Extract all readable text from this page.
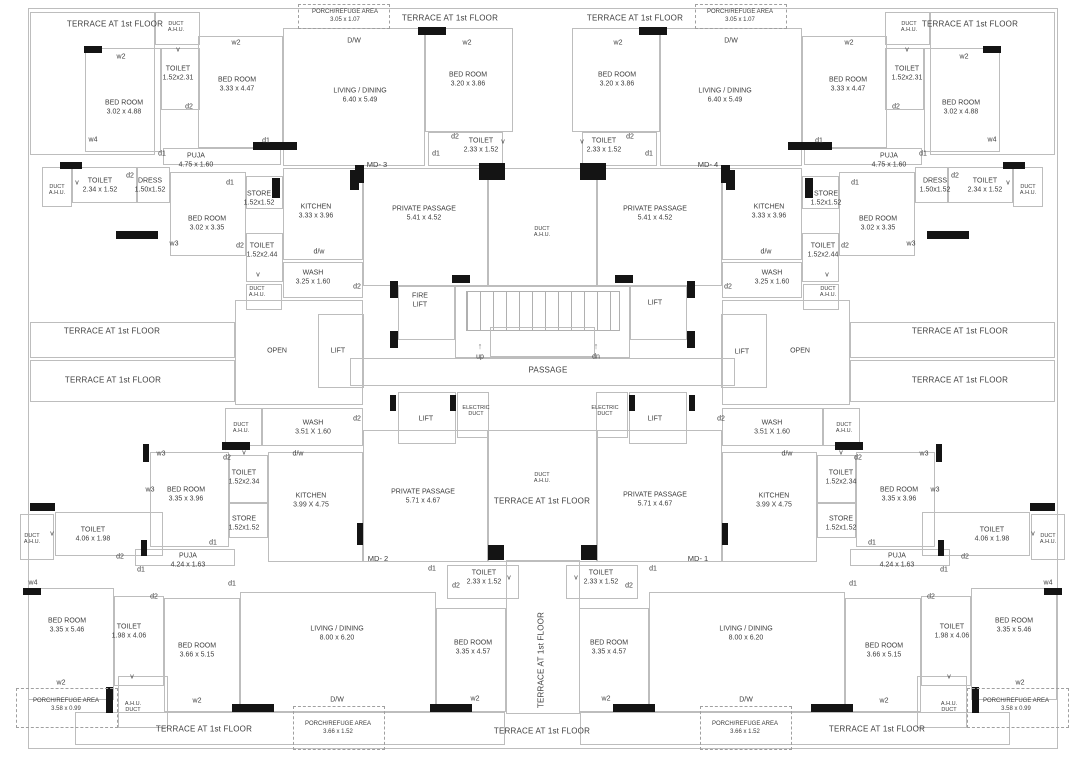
↑	↑
TERRACE AT 1st FLOOR	TERRACE AT 1st FLOOR
PORCH/REFUGE AREA
3.05 x 1.07
PORCH/REFUGE AREA
3.05 x 1.07
TERRACE AT 1st FLOOR	TERRACE AT 1st FLOOR
DUCT
A.H.U.
DUCT
A.H.U.
D/W	D/W
w2	w2
w2	w2
w2	w2
v	v
TOILET
1.52x2.31
TOILET
1.52x2.31
BED ROOM
3.33 x 4.47
BED ROOM
3.33 x 4.47
BED ROOM
3.02 x 4.88
BED ROOM
3.02 x 4.88
LIVING / DINING
6.40 x 5.49
LIVING / DINING
6.40 x 5.49
BED ROOM
3.20 x 3.86
BED ROOM
3.20 x 3.86
d2	d2
d2	d2
TOILET
2.33 x 1.52
TOILET
2.33 x 1.52
v	v
d1	d1
d1	d1
w4	w4
d1	d1
PUJA
4.75 x 1.60
PUJA
4.75 x 1.60
MD- 3	MD- 4
DUCT
A.H.U.
DUCT
A.H.U.
v	v
TOILET
2.34 x 1.52
TOILET
2.34 x 1.52
d2	d2
DRESS
1.50x1.52
DRESS
1.50x1.52
d1	d1
STORE
1.52x1.52
STORE
1.52x1.52
KITCHEN
3.33 x 3.96
KITCHEN
3.33 x 3.96
BED ROOM
3.02 x 3.35
BED ROOM
3.02 x 3.35
w3	w3
d2	d2
TOILET
1.52x2.44
TOILET
1.52x2.44
d/w	d/w
WASH
3.25 x 1.60
WASH
3.25 x 1.60
v	v
DUCT
A.H.U.
DUCT
A.H.U.
d2	d2
PRIVATE PASSAGE
5.41 x 4.52
PRIVATE PASSAGE
5.41 x 4.52
DUCT
A.H.U.
FIRE
LIFT	LIFT
TERRACE AT 1st FLOOR	TERRACE AT 1st FLOOR
TERRACE AT 1st FLOOR	TERRACE AT 1st FLOOR
OPEN	OPEN
LIFT	LIFT
up	dn
PASSAGE
LIFT	LIFT
ELECTRIC
DUCT
ELECTRIC
DUCT
d2	d2
DUCT
A.H.U.
TERRACE AT 1st FLOOR
PRIVATE PASSAGE
5.71 x 4.67
PRIVATE PASSAGE
5.71 x 4.67
MD- 2	MD- 1
WASH
3.51 X 1.60
WASH
3.51 X 1.60
DUCT
A.H.U.
DUCT
A.H.U.
w3	w3
d2	d2
v	v
d/w	d/w
TOILET
1.52x2.34
TOILET
1.52x2.34
w3	w3
BED ROOM
3.35 x 3.96
BED ROOM
3.35 x 3.96
KITCHEN
3.99 X 4.75
KITCHEN
3.99 X 4.75
STORE
1.52x1.52
STORE
1.52x1.52
TOILET
4.06 x 1.98
TOILET
4.06 x 1.98
DUCT
A.H.U.
DUCT
A.H.U.
v	v
d1	d1
d2	d2
d1	d1
PUJA
4.24 x 1.63
PUJA
4.24 x 1.63
w4	w4
d1	d1
d2	d2
d1	d1
d2	d2
TOILET
2.33 x 1.52
TOILET
2.33 x 1.52
v	v
BED ROOM
3.35 x 5.46
BED ROOM
3.35 x 5.46
TOILET
1.98 x 4.06
TOILET
1.98 x 4.06
BED ROOM
3.66 x 5.15
BED ROOM
3.66 x 5.15
LIVING / DINING
8.00 x 6.20
LIVING / DINING
8.00 x 6.20
BED ROOM
3.35 x 4.57
BED ROOM
3.35 x 4.57
w2	w2
v	v
PORCH/REFUGE AREA
3.58 x 0.99
PORCH/REFUGE AREA
3.58 x 0.99
A.H.U.
DUCT
A.H.U.
DUCT
w2	w2
TERRACE AT 1st FLOOR	TERRACE AT 1st FLOOR
D/W	D/W
PORCH/REFUGE AREA
3.66 x 1.52
PORCH/REFUGE AREA
3.66 x 1.52
w2	w2
TERRACE AT 1st FLOOR
TERRACE AT 1st FLOOR
